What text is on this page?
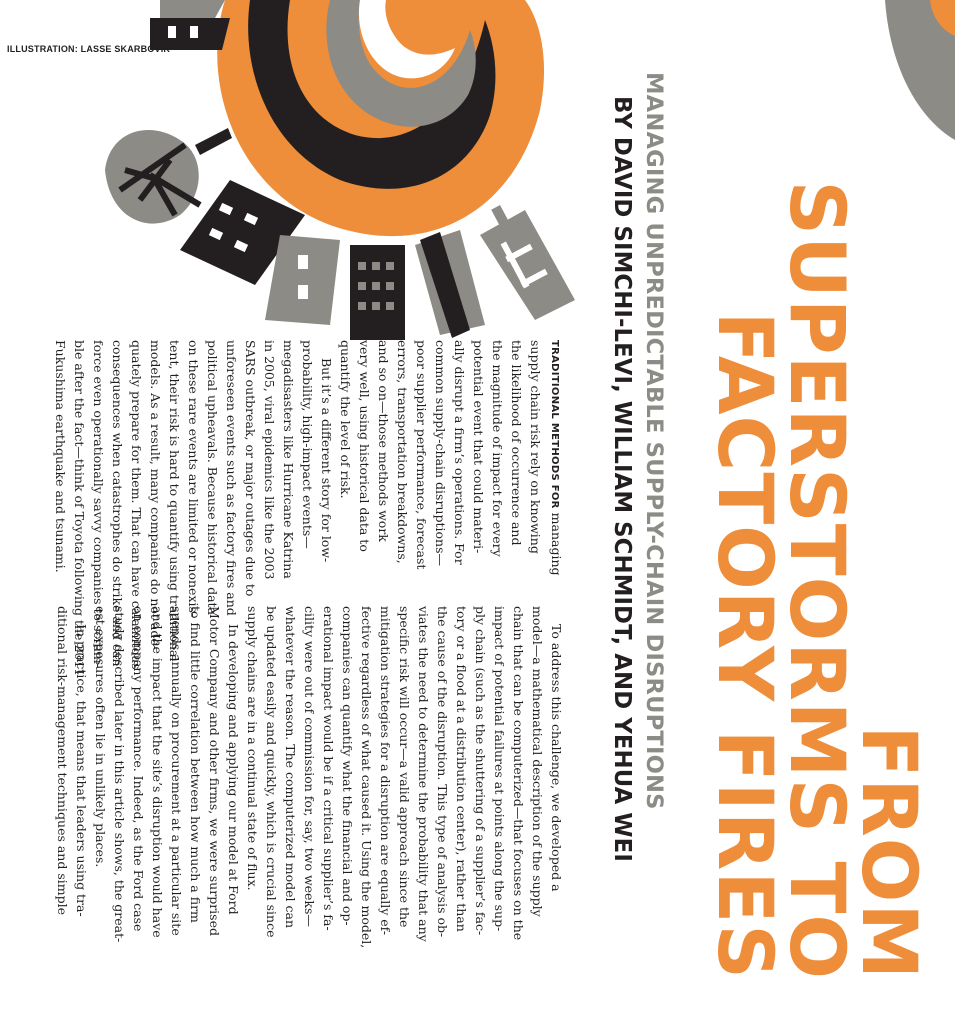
ILLUSTRATION: LASSE SKARBOVIK
FROM
SUPERSTORMS TO
FACTORY FIRES
MANAGING UNPREDICTABLE SUPPLY-CHAIN DISRUPTIONS
BY DAVID SIMCHI-LEVI, WILLIAM SCHMIDT, AND YEHUA WEI

TRADITIONAL METHODS FOR managing

supply chain risk rely on knowing

the likelihood of occurrence and

the magnitude of impact for every

potential event that could materi-

ally disrupt a firm’s operations. For

common supply-chain disruptions—

poor supplier performance, forecast

errors, transportation breakdowns,

and so on—those methods work

very well, using historical data to

quantify the level of risk.

But it’s a different story for low-

probability, high-impact events—

megadisasters like Hurricane Katrina

in 2005, viral epidemics like the 2003

SARS outbreak, or major outages due to

unforeseen events such as factory fires and

political upheavals. Because historical data

on these rare events are limited or nonexis-

tent, their risk is hard to quantify using traditional

models. As a result, many companies do not ade-

quately prepare for them. That can have calamitous

consequences when catastrophes do strike and can

force even operationally savvy companies to scram-

ble after the fact—think of Toyota following the 2011

Fukushima earthquake and tsunami.

To address this challenge, we developed a

model—a mathematical description of the supply

chain that can be computerized—that focuses on the

impact of potential failures at points along the sup-

ply chain (such as the shuttering of a supplier’s fac-

tory or a flood at a distribution center), rather than

the cause of the disruption. This type of analysis ob-

viates the need to determine the probability that any

specific risk will occur—a valid approach since the

mitigation strategies for a disruption are equally ef-

fective regardless of what caused it. Using the model,

companies can quantify what the financial and op-

erational impact would be if a critical supplier’s fa-

cility were out of commission for, say, two weeks—

whatever the reason. The computerized model can

be updated easily and quickly, which is crucial since

supply chains are in a continual state of flux.

In developing and applying our model at Ford

Motor Company and other firms, we were surprised

to find little correlation between how much a firm

spends annually on procurement at a particular site

and the impact that the site’s disruption would have

on company performance. Indeed, as the Ford case

study described later in this article shows, the great-

est exposures often lie in unlikely places.

In practice, that means that leaders using tra-

ditional risk-management techniques and simple
